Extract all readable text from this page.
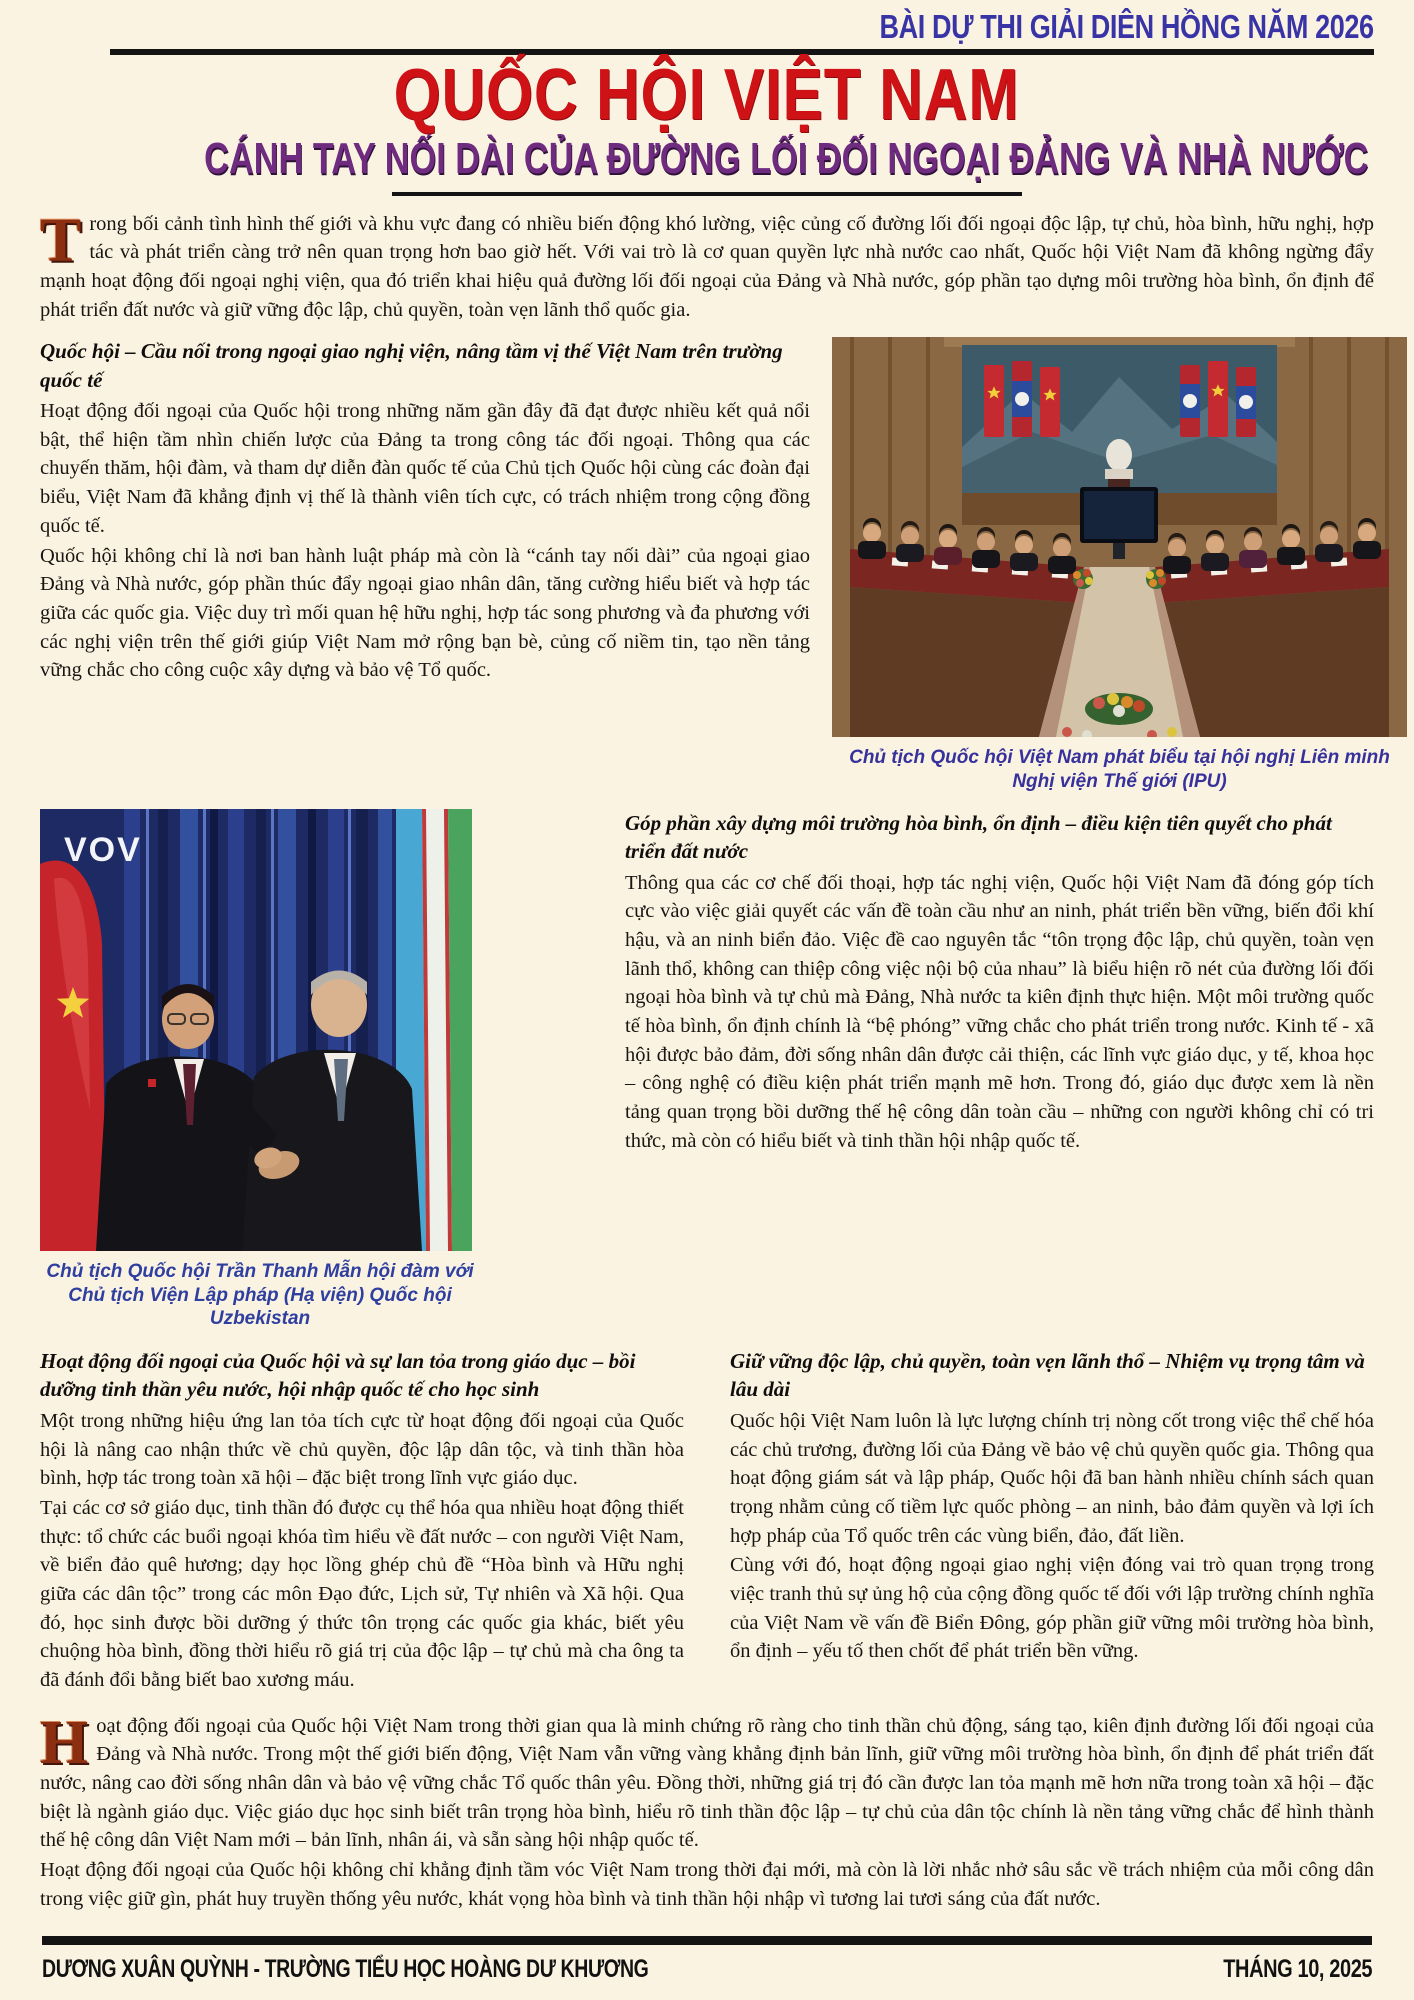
BÀI DỰ THI GIẢI DIÊN HỒNG NĂM 2026
QUỐC HỘI VIỆT NAM
CÁNH TAY NỐI DÀI CỦA ĐƯỜNG LỐI ĐỐI NGOẠI ĐẢNG VÀ NHÀ NƯỚC

Trong bối cảnh tình hình thế giới và khu vực đang có nhiều biến động khó lường, việc củng cố đường lối đối ngoại độc lập, tự chủ, hòa bình, hữu nghị, hợp tác và phát triển càng trở nên quan trọng hơn bao giờ hết. Với vai trò là cơ quan quyền lực nhà nước cao nhất, Quốc hội Việt Nam đã không ngừng đẩy mạnh hoạt động đối ngoại nghị viện, qua đó triển khai hiệu quả đường lối đối ngoại của Đảng và Nhà nước, góp phần tạo dựng môi trường hòa bình, ổn định để phát triển đất nước và giữ vững độc lập, chủ quyền, toàn vẹn lãnh thổ quốc gia.

Quốc hội – Cầu nối trong ngoại giao nghị viện, nâng tầm vị thế Việt Nam trên trường quốc tế

Hoạt động đối ngoại của Quốc hội trong những năm gần đây đã đạt được nhiều kết quả nổi bật, thể hiện tầm nhìn chiến lược của Đảng ta trong công tác đối ngoại. Thông qua các chuyến thăm, hội đàm, và tham dự diễn đàn quốc tế của Chủ tịch Quốc hội cùng các đoàn đại biểu, Việt Nam đã khẳng định vị thế là thành viên tích cực, có trách nhiệm trong cộng đồng quốc tế.

Quốc hội không chỉ là nơi ban hành luật pháp mà còn là “cánh tay nối dài” của ngoại giao Đảng và Nhà nước, góp phần thúc đẩy ngoại giao nhân dân, tăng cường hiểu biết và hợp tác giữa các quốc gia. Việc duy trì mối quan hệ hữu nghị, hợp tác song phương và đa phương với các nghị viện trên thế giới giúp Việt Nam mở rộng bạn bè, củng cố niềm tin, tạo nền tảng vững chắc cho công cuộc xây dựng và bảo vệ Tổ quốc.

Chủ tịch Quốc hội Việt Nam phát biểu tại hội nghị Liên minh Nghị viện Thế giới (IPU)
VOV
Chủ tịch Quốc hội Trần Thanh Mẫn hội đàm với Chủ tịch Viện Lập pháp (Hạ viện) Quốc hội Uzbekistan
Góp phần xây dựng môi trường hòa bình, ổn định – điều kiện tiên quyết cho phát triển đất nước

Thông qua các cơ chế đối thoại, hợp tác nghị viện, Quốc hội Việt Nam đã đóng góp tích cực vào việc giải quyết các vấn đề toàn cầu như an ninh, phát triển bền vững, biến đổi khí hậu, và an ninh biển đảo. Việc đề cao nguyên tắc “tôn trọng độc lập, chủ quyền, toàn vẹn lãnh thổ, không can thiệp công việc nội bộ của nhau” là biểu hiện rõ nét của đường lối đối ngoại hòa bình và tự chủ mà Đảng, Nhà nước ta kiên định thực hiện. Một môi trường quốc tế hòa bình, ổn định chính là “bệ phóng” vững chắc cho phát triển trong nước. Kinh tế - xã hội được bảo đảm, đời sống nhân dân được cải thiện, các lĩnh vực giáo dục, y tế, khoa học – công nghệ có điều kiện phát triển mạnh mẽ hơn. Trong đó, giáo dục được xem là nền tảng quan trọng bồi dưỡng thế hệ công dân toàn cầu – những con người không chỉ có tri thức, mà còn có hiểu biết và tinh thần hội nhập quốc tế.

Hoạt động đối ngoại của Quốc hội và sự lan tỏa trong giáo dục – bồi dưỡng tinh thần yêu nước, hội nhập quốc tế cho học sinh

Một trong những hiệu ứng lan tỏa tích cực từ hoạt động đối ngoại của Quốc hội là nâng cao nhận thức về chủ quyền, độc lập dân tộc, và tinh thần hòa bình, hợp tác trong toàn xã hội – đặc biệt trong lĩnh vực giáo dục.

Tại các cơ sở giáo dục, tinh thần đó được cụ thể hóa qua nhiều hoạt động thiết thực: tổ chức các buổi ngoại khóa tìm hiểu về đất nước – con người Việt Nam, về biển đảo quê hương; dạy học lồng ghép chủ đề “Hòa bình và Hữu nghị giữa các dân tộc” trong các môn Đạo đức, Lịch sử, Tự nhiên và Xã hội. Qua đó, học sinh được bồi dưỡng ý thức tôn trọng các quốc gia khác, biết yêu chuộng hòa bình, đồng thời hiểu rõ giá trị của độc lập – tự chủ mà cha ông ta đã đánh đổi bằng biết bao xương máu.

Giữ vững độc lập, chủ quyền, toàn vẹn lãnh thổ – Nhiệm vụ trọng tâm và lâu dài

Quốc hội Việt Nam luôn là lực lượng chính trị nòng cốt trong việc thể chế hóa các chủ trương, đường lối của Đảng về bảo vệ chủ quyền quốc gia. Thông qua hoạt động giám sát và lập pháp, Quốc hội đã ban hành nhiều chính sách quan trọng nhằm củng cố tiềm lực quốc phòng – an ninh, bảo đảm quyền và lợi ích hợp pháp của Tổ quốc trên các vùng biển, đảo, đất liền.

Cùng với đó, hoạt động ngoại giao nghị viện đóng vai trò quan trọng trong việc tranh thủ sự ủng hộ của cộng đồng quốc tế đối với lập trường chính nghĩa của Việt Nam về vấn đề Biển Đông, góp phần giữ vững môi trường hòa bình, ổn định – yếu tố then chốt để phát triển bền vững.

Hoạt động đối ngoại của Quốc hội Việt Nam trong thời gian qua là minh chứng rõ ràng cho tinh thần chủ động, sáng tạo, kiên định đường lối đối ngoại của Đảng và Nhà nước. Trong một thế giới biến động, Việt Nam vẫn vững vàng khẳng định bản lĩnh, giữ vững môi trường hòa bình, ổn định để phát triển đất nước, nâng cao đời sống nhân dân và bảo vệ vững chắc Tổ quốc thân yêu. Đồng thời, những giá trị đó cần được lan tỏa mạnh mẽ hơn nữa trong toàn xã hội – đặc biệt là ngành giáo dục. Việc giáo dục học sinh biết trân trọng hòa bình, hiểu rõ tinh thần độc lập – tự chủ của dân tộc chính là nền tảng vững chắc để hình thành thế hệ công dân Việt Nam mới – bản lĩnh, nhân ái, và sẵn sàng hội nhập quốc tế.

Hoạt động đối ngoại của Quốc hội không chỉ khẳng định tầm vóc Việt Nam trong thời đại mới, mà còn là lời nhắc nhở sâu sắc về trách nhiệm của mỗi công dân trong việc giữ gìn, phát huy truyền thống yêu nước, khát vọng hòa bình và tinh thần hội nhập vì tương lai tươi sáng của đất nước.

DƯƠNG XUÂN QUỲNH - TRƯỜNG TIỂU HỌC HOÀNG DƯ KHƯƠNG	THÁNG 10, 2025
